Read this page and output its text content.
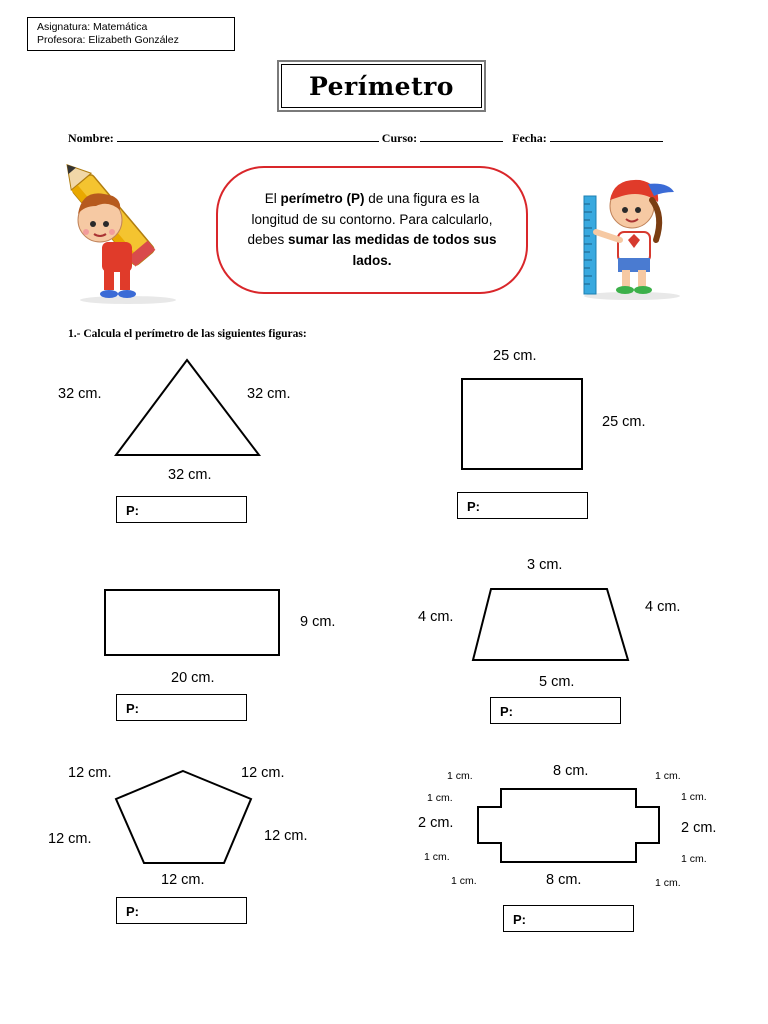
Asignatura: Matemática
Profesora: Elizabeth González
Perímetro
Nombre:	Curso:	Fecha:
El perímetro (P) de una figura es la longitud de su contorno. Para calcularlo, debes sumar las medidas de todos sus lados.
1.- Calcula el perímetro de las siguientes figuras:
32 cm.	32 cm.
32 cm.
P:
25 cm.
25 cm.
P:
9 cm.
20 cm.
P:
3 cm.
4 cm.
4 cm.
5 cm.
P:
12 cm.	12 cm.
12 cm.	12 cm.
12 cm.
P:
8 cm.
8 cm.
2 cm.	2 cm.
1 cm.
1 cm.
1 cm.
1 cm.
1 cm.
1 cm.
1 cm.
1 cm.
P:
